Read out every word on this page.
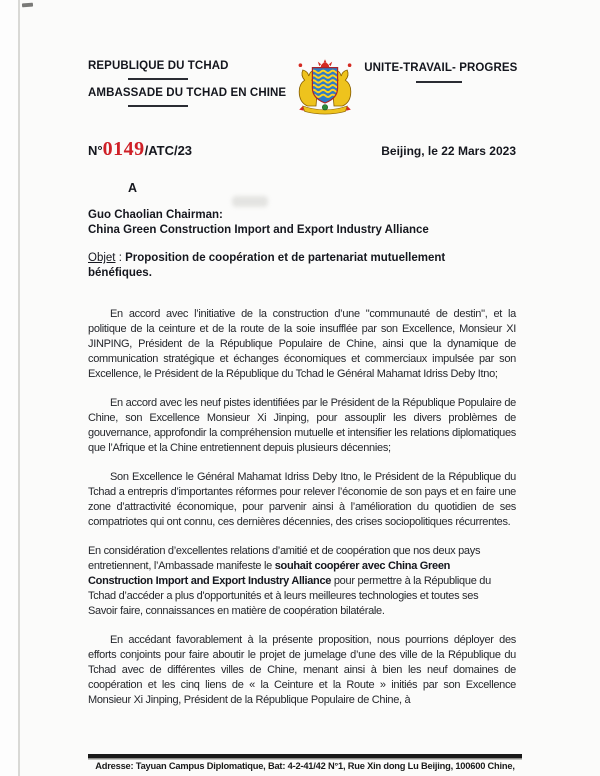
REPUBLIQUE DU TCHAD
AMBASSADE DU TCHAD EN CHINE
UNITE-TRAVAIL- PROGRES
N°0149/ATC/23	Beijing, le 22 Mars 2023
A
Guo Chaolian Chairman:
China Green Construction Import and Export Industry Alliance
Objet : Proposition de coopération et de partenariat mutuellement bénéfiques.

En accord avec l’initiative de la construction d’une "communauté de destin", et la politique de la ceinture et de la route de la soie insufflée par son Excellence, Monsieur XI JINPING, Président de la République Populaire de Chine, ainsi que la dynamique de communication stratégique et échanges économiques et commerciaux impulsée par son Excellence, le Président de la République du Tchad le Général Mahamat Idriss Deby Itno;

En accord avec les neuf pistes identifiées par le Président de la République Populaire de Chine, son Excellence Monsieur Xi Jinping, pour assouplir les divers problèmes de gouvernance, approfondir la compréhension mutuelle et intensifier les relations diplomatiques que l’Afrique et la Chine entretiennent depuis plusieurs décennies;

Son Excellence le Général Mahamat Idriss Deby Itno, le Président de la République du Tchad a entrepris d’importantes réformes pour relever l’économie de son pays et en faire une zone d’attractivité économique, pour parvenir ainsi à l’amélioration du quotidien de ses compatriotes qui ont connu, ces dernières décennies, des crises sociopolitiques récurrentes.

En considération d’excellentes relations d’amitié et de coopération que nos deux pays entretiennent, l’Ambassade manifeste le souhait coopérer avec China Green Construction Import and Export Industry Alliance pour permettre à la République du Tchad d’accéder a plus d'opportunités et à leurs meilleures technologies et toutes ses Savoir faire, connaissances en matière de coopération bilatérale.

En accédant favorablement à la présente proposition, nous pourrions déployer des efforts conjoints pour faire aboutir le projet de jumelage d’une des ville de la République du Tchad avec de différentes villes de Chine, menant ainsi à bien les neuf domaines de coopération et les cinq liens de « la Ceinture et la Route » initiés par son Excellence Monsieur Xi Jinping, Président de la République Populaire de Chine, à

Adresse: Tayuan Campus Diplomatique, Bat: 4-2-41/42 N°1, Rue Xin dong Lu Beijing, 100600 Chine,
